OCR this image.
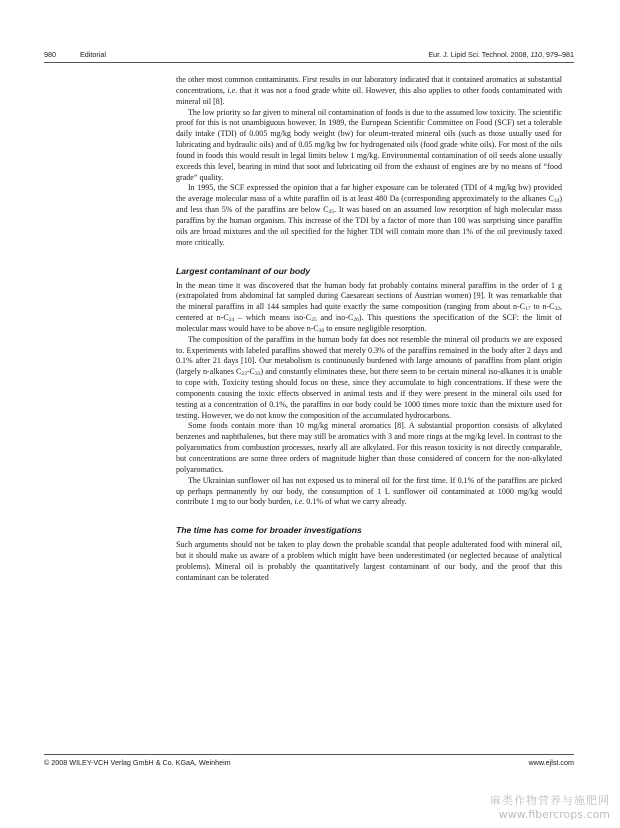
980	Editorial	Eur. J. Lipid Sci. Technol. 2008, 110, 979–981

the other most common contaminants. First results in our laboratory indicated that it contained aromatics at substantial concentrations, i.e. that it was not a food grade white oil. However, this also applies to other foods contaminated with mineral oil [8].

The low priority so far given to mineral oil contamination of foods is due to the assumed low toxicity. The scientific proof for this is not unambiguous however. In 1989, the European Scientific Committee on Food (SCF) set a tolerable daily intake (TDI) of 0.005 mg/kg body weight (bw) for oleum-treated mineral oils (such as those usually used for lubricating and hydraulic oils) and of 0.05 mg/kg bw for hydrogenated oils (food grade white oils). For most of the oils found in foods this would result in legal limits below 1 mg/kg. Environmental contamination of oil seeds alone usually exceeds this level, bearing in mind that soot and lubricating oil from the exhaust of engines are by no means of “food grade” quality.

In 1995, the SCF expressed the opinion that a far higher exposure can be tolerated (TDI of 4 mg/kg bw) provided the average molecular mass of a white paraffin oil is at least 480 Da (corresponding approximately to the alkanes $C_{34}$) and less than 5% of the paraffins are below $C_{25}$. It was based on an assumed low resorption of high molecular mass paraffins by the human organism. This increase of the TDI by a factor of more than 100 was surprising since paraffin oils are broad mixtures and the oil specified for the higher TDI will contain more than 1% of the oil previously taxed more critically.

Largest contaminant of our body

In the mean time it was discovered that the human body fat probably contains mineral paraffins in the order of 1 g (extrapolated from abdominal fat sampled during Caesarean sections of Austrian women) [9]. It was remarkable that the mineral paraffins in all 144 samples had quite exactly the same composition (ranging from about $n-C_{17}$ to $n-C_{32}$, centered at $n-C_{24}$ – which means iso-$C_{25}$ and iso-$C_{26}$). This questions the specification of the SCF: the limit of molecular mass would have to be above $n-C_{30}$ to ensure negligible resorption.

The composition of the paraffins in the human body fat does not resemble the mineral oil products we are exposed to. Experiments with labeled paraffins showed that merely 0.3% of the paraffins remained in the body after 2 days and 0.1% after 21 days [10]. Our metabolism is continuously burdened with large amounts of paraffins from plant origin (largely n-alkanes $C_{23}-C_{33}$) and constantly eliminates these, but there seem to be certain mineral iso-alkanes it is unable to cope with. Toxicity testing should focus on these, since they accumulate to high concentrations. If these were the components causing the toxic effects observed in animal tests and if they were present in the mineral oils used for testing at a concentration of 0.1%, the paraffins in our body could be 1000 times more toxic than the mixture used for testing. However, we do not know the composition of the accumulated hydrocarbons.

Some foods contain more than 10 mg/kg mineral aromatics [8]. A substantial proportion consists of alkylated benzenes and naphthalenes, but there may still be aromatics with 3 and more rings at the mg/kg level. In contrast to the polyaromatics from combustion processes, nearly all are alkylated. For this reason toxicity is not directly comparable, but concentrations are some three orders of magnitude higher than those considered of concern for the non-alkylated polyaromatics.

The Ukrainian sunflower oil has not exposed us to mineral oil for the first time. If 0.1% of the paraffins are picked up perhaps permanently by our body, the consumption of 1 L sunflower oil contaminated at 1000 mg/kg would contribute 1 mg to our body burden, i.e. 0.1% of what we carry already.

The time has come for broader investigations

Such arguments should not be taken to play down the probable scandal that people adulterated food with mineral oil, but it should make us aware of a problem which might have been underestimated (or neglected because of analytical problems). Mineral oil is probably the quantitatively largest contaminant of our body, and the proof that this contaminant can be tolerated

© 2008 WILEY-VCH Verlag GmbH & Co. KGaA, Weinheim	www.ejlst.com
麻类作物营养与施肥网
www.fibercrops.com
